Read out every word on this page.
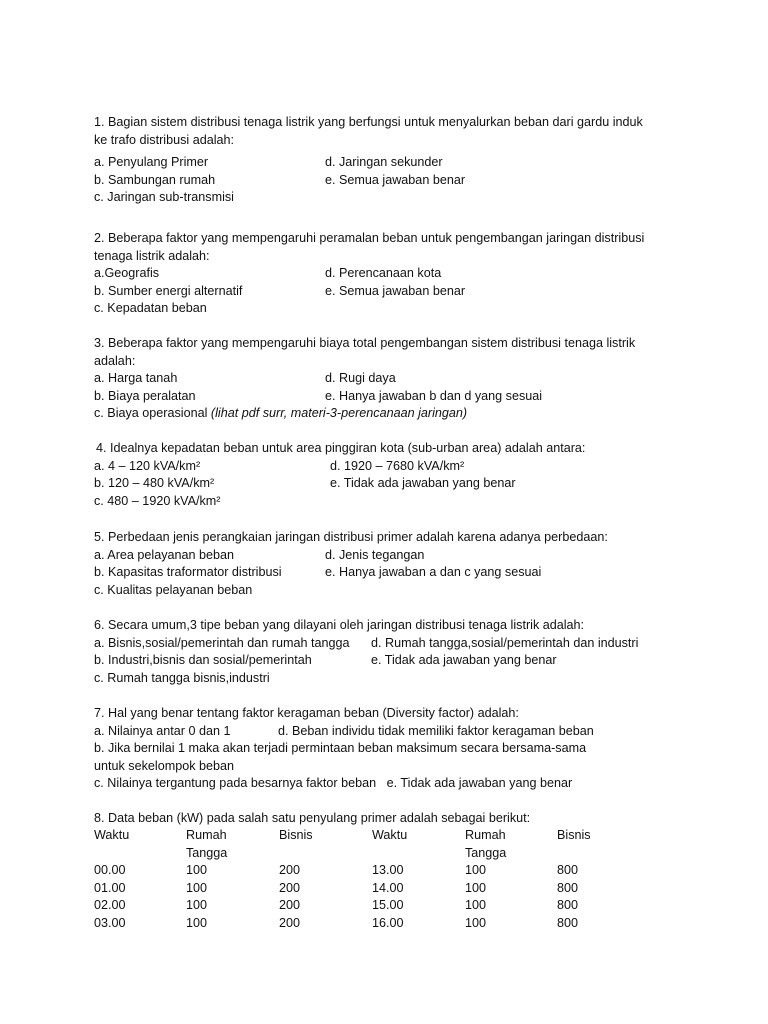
1. Bagian sistem distribusi tenaga listrik yang berfungsi untuk menyalurkan beban dari gardu induk
ke trafo distribusi adalah:
a. Penyulang Primer	d. Jaringan sekunder
b. Sambungan rumah	e. Semua jawaban benar
c. Jaringan sub-transmisi
2. Beberapa faktor yang mempengaruhi peramalan beban untuk pengembangan jaringan distribusi
tenaga listrik adalah:
a.Geografis	d. Perencanaan kota
b. Sumber energi alternatif	e. Semua jawaban benar
c. Kepadatan beban
3. Beberapa faktor yang mempengaruhi biaya total pengembangan sistem distribusi tenaga listrik
adalah:
a. Harga tanah	d. Rugi daya
b. Biaya peralatan	e. Hanya jawaban b dan d yang sesuai
c. Biaya operasional (lihat pdf surr, materi-3-perencanaan jaringan)
4. Idealnya kepadatan beban untuk area pinggiran kota (sub-urban area) adalah antara:
a. 4 – 120 kVA/km²	d. 1920 – 7680 kVA/km²
b. 120 – 480 kVA/km²	e. Tidak ada jawaban yang benar
c. 480 – 1920 kVA/km²
5. Perbedaan jenis perangkaian jaringan distribusi primer adalah karena adanya perbedaan:
a. Area pelayanan beban	d. Jenis tegangan
b. Kapasitas traformator distribusi	e. Hanya jawaban a dan c yang sesuai
c. Kualitas pelayanan beban
6. Secara umum,3 tipe beban yang dilayani oleh jaringan distribusi tenaga listrik adalah:
a. Bisnis,sosial/pemerintah dan rumah tangga d. Rumah tangga,sosial/pemerintah dan industri
b. Industri,bisnis dan sosial/pemerintah	e. Tidak ada jawaban yang benar
c. Rumah tangga bisnis,industri
7. Hal yang benar tentang faktor keragaman beban (Diversity factor) adalah:
a. Nilainya antar 0 dan 1	d. Beban individu tidak memiliki faktor keragaman beban
b. Jika bernilai 1 maka akan terjadi permintaan beban maksimum secara bersama-sama
untuk sekelompok beban
c. Nilainya tergantung pada besarnya faktor beban e. Tidak ada jawaban yang benar
8. Data beban (kW) pada salah satu penyulang primer adalah sebagai berikut:
Waktu	Rumah	Bisnis	Waktu	Rumah	Bisnis
Tangga	Tangga
00.00	100	200	13.00	100	800
01.00	100	200	14.00	100	800
02.00	100	200	15.00	100	800
03.00	100	200	16.00	100	800
